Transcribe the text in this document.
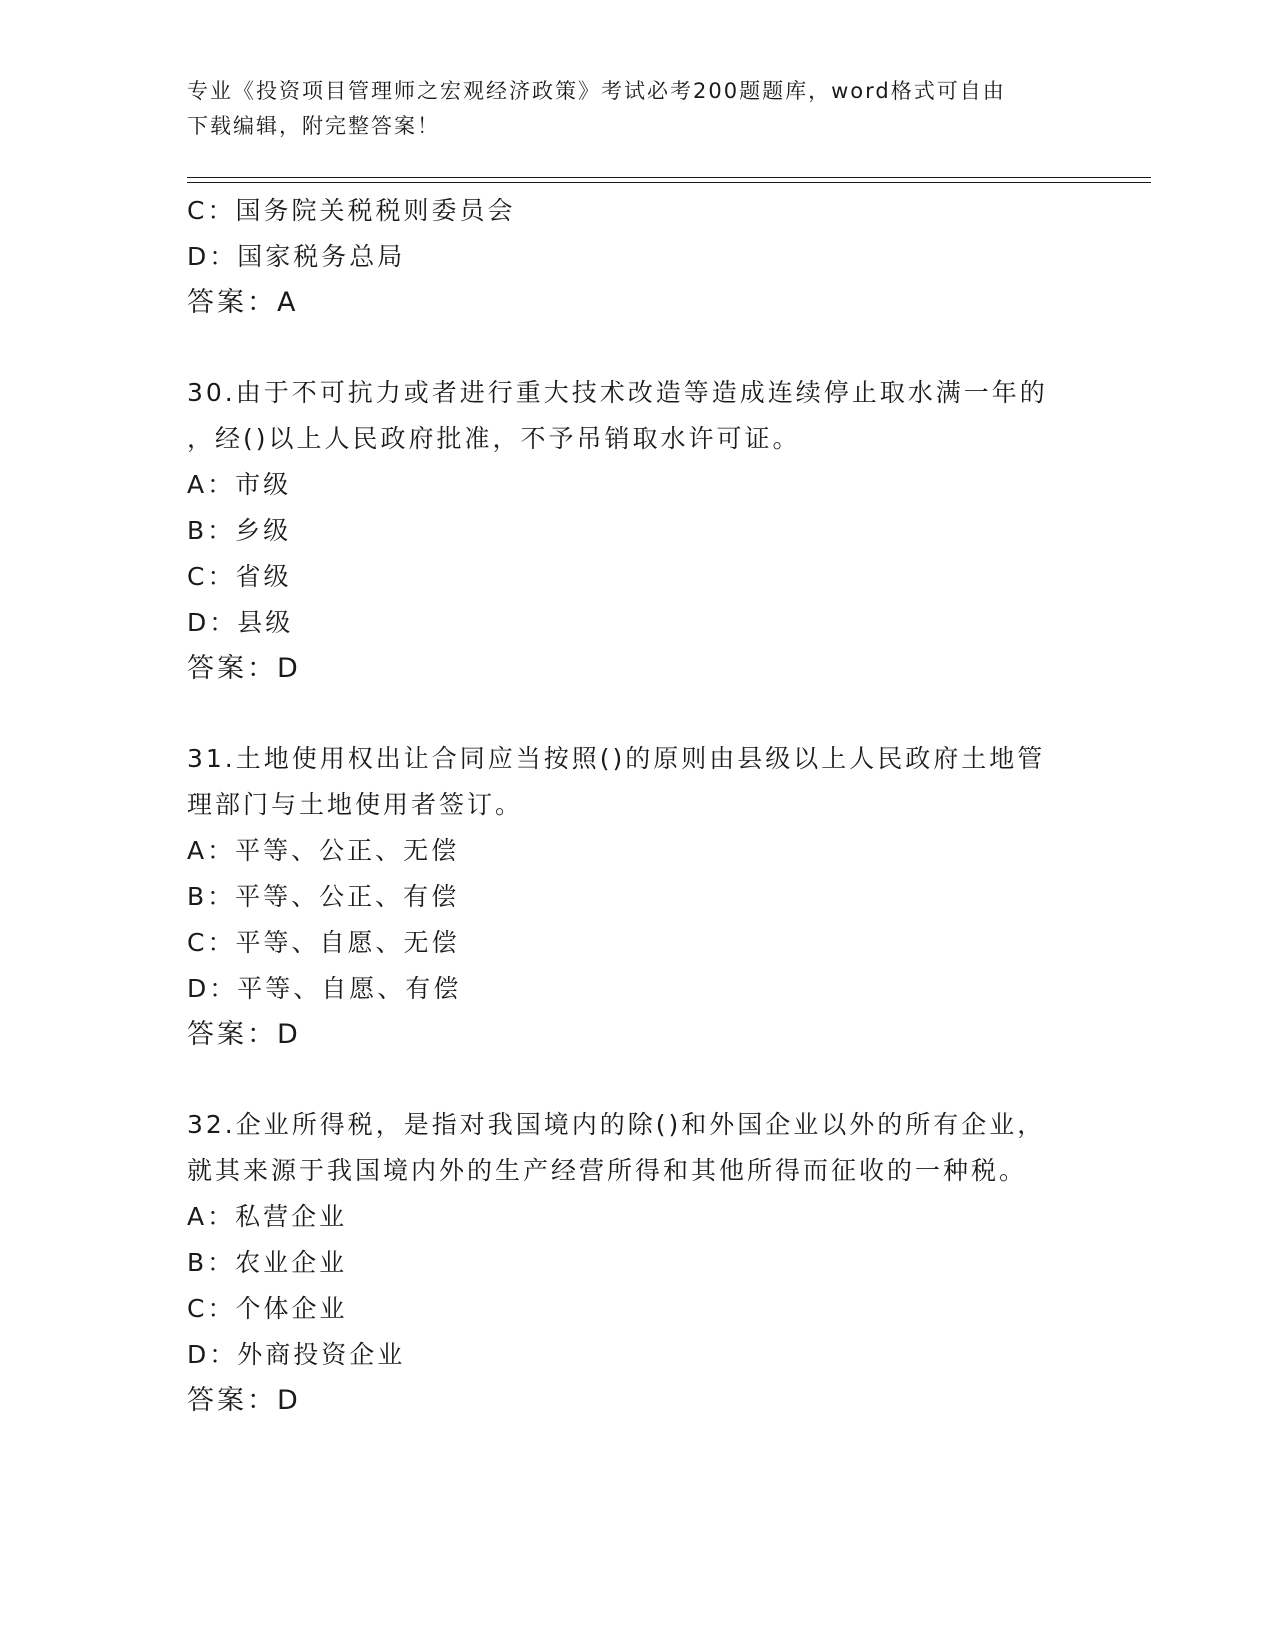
专业《投资项目管理师之宏观经济政策》考试必考200题题库，word格式可自由
下载编辑，附完整答案！
C：国务院关税税则委员会
D：国家税务总局
答案：A
30.由于不可抗力或者进行重大技术改造等造成连续停止取水满一年的
，经()以上人民政府批准，不予吊销取水许可证。
A：市级
B：乡级
C：省级
D：县级
答案：D
31.土地使用权出让合同应当按照()的原则由县级以上人民政府土地管
理部门与土地使用者签订。
A：平等、公正、无偿
B：平等、公正、有偿
C：平等、自愿、无偿
D：平等、自愿、有偿
答案：D
32.企业所得税，是指对我国境内的除()和外国企业以外的所有企业，
就其来源于我国境内外的生产经营所得和其他所得而征收的一种税。
A：私营企业
B：农业企业
C：个体企业
D：外商投资企业
答案：D
